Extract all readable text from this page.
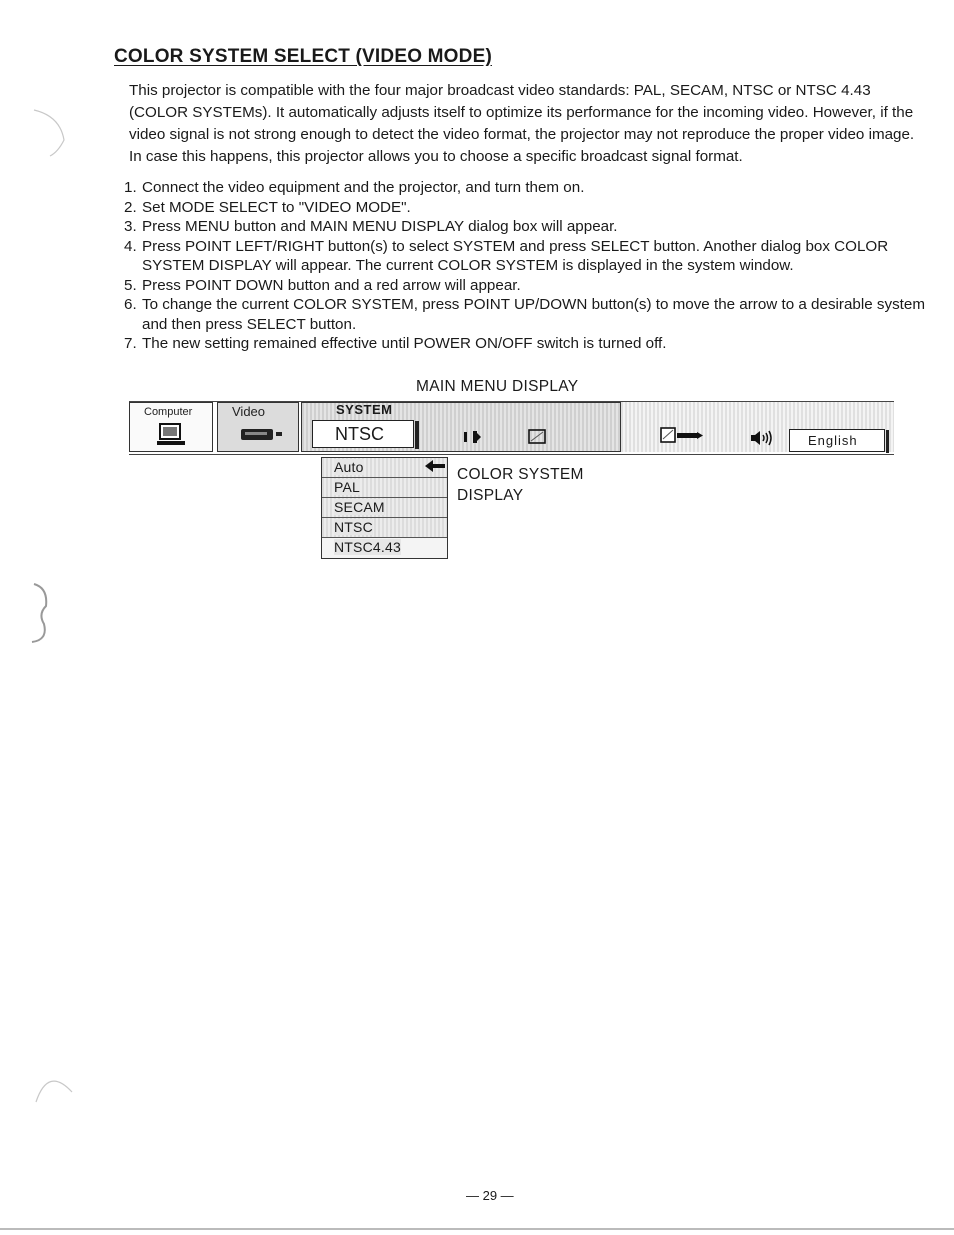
COLOR SYSTEM SELECT (VIDEO MODE)

This projector is compatible with the four major broadcast video standards: PAL, SECAM, NTSC or NTSC 4.43 (COLOR SYSTEMs). It automatically adjusts itself to optimize its performance for the incoming video. However, if the video signal is not strong enough to detect the video format, the projector may not reproduce the proper video image. In case this happens, this projector allows you to choose a specific broadcast signal format.

1. Connect the video equipment and the projector, and turn them on.
2. Set MODE SELECT to "VIDEO MODE".
3. Press MENU button and MAIN MENU DISPLAY dialog box will appear.
4. Press POINT LEFT/RIGHT button(s) to select SYSTEM and press SELECT button. Another dialog box COLOR SYSTEM DISPLAY will appear. The current COLOR SYSTEM is displayed in the system window.
5. Press POINT DOWN button and a red arrow will appear.
6. To change the current COLOR SYSTEM, press POINT UP/DOWN button(s) to move the arrow to a desirable system and then press SELECT button.
7. The new setting remained effective until POWER ON/OFF switch is turned off.
MAIN MENU DISPLAY
Computer	Video	SYSTEM
NTSC	English
Auto
PAL
SECAM
NTSC
NTSC4.43
COLOR SYSTEM
DISPLAY
— 29 —
